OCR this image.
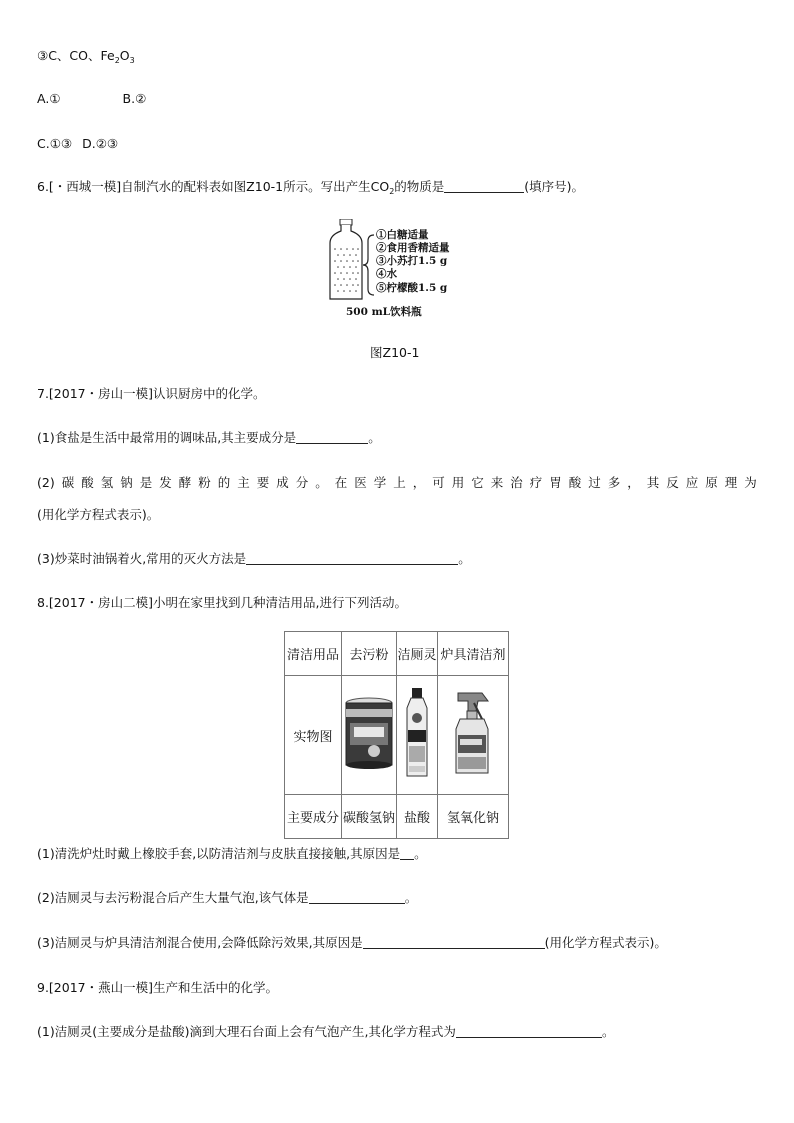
③C、CO、$Fe_2O_3$
A.①	B.②
C.①③ D.②③
6.[・西城一模]自制汽水的配料表如图Z10-1所示。写出产生$CO_2$的物质是	(填序号)。
①白糖适量
②食用香精适量
③小苏打1.5 g
④水
⑤柠檬酸1.5 g
500 mL饮料瓶
图Z10-1
7.[2017・房山一模]认识厨房中的化学。
(1)食盐是生活中最常用的调味品,其主要成分是	。
(2) 碳 酸 氢 钠 是 发 酵 粉 的 主 要 成 分 。 在 医 学 上 ， 可 用 它 来 治 疗 胃 酸 过 多 ， 其 反 应 原 理 为
(用化学方程式表示)。
(3)炒菜时油锅着火,常用的灭火方法是	。
8.[2017・房山二模]小明在家里找到几种清洁用品,进行下列活动。
清洁用品	去污粉	洁厕灵	炉具清洁剂
实物图			
主要成分	碳酸氢钠	盐酸	氢氧化钠
(1)清洗炉灶时戴上橡胶手套,以防清洁剂与皮肤直接接触,其原因是 。
(2)洁厕灵与去污粉混合后产生大量气泡,该气体是	。
(3)洁厕灵与炉具清洁剂混合使用,会降低除污效果,其原因是	(用化学方程式表示)。
9.[2017・燕山一模]生产和生活中的化学。
(1)洁厕灵(主要成分是盐酸)滴到大理石台面上会有气泡产生,其化学方程式为	。
